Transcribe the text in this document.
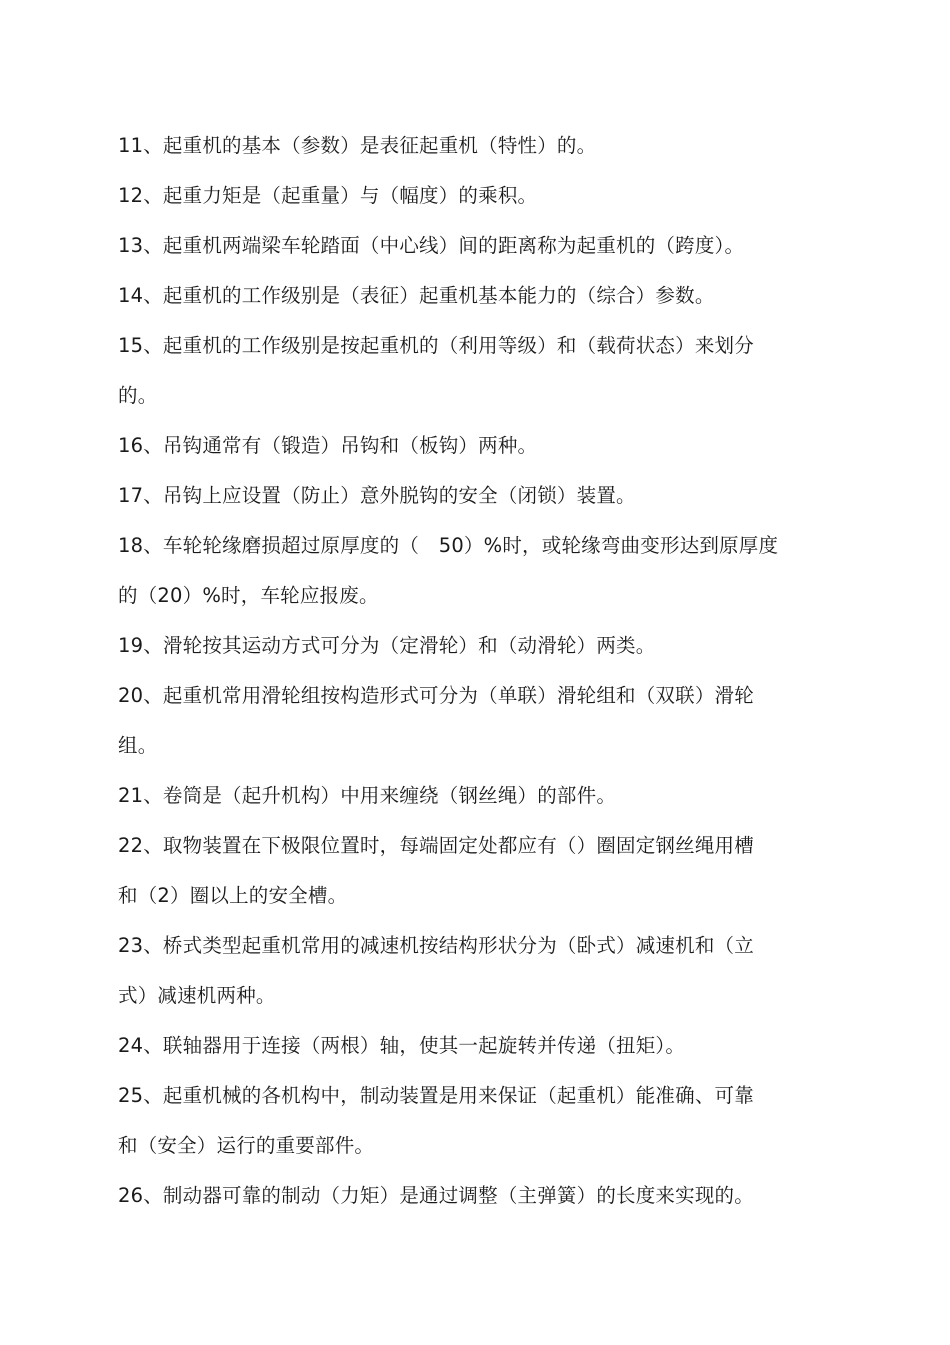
11、起重机的基本（参数）是表征起重机（特性）的。
12、起重力矩是（起重量）与（幅度）的乘积。
13、起重机两端梁车轮踏面（中心线）间的距离称为起重机的（跨度）。
14、起重机的工作级别是（表征）起重机基本能力的（综合）参数。
15、起重机的工作级别是按起重机的（利用等级）和（载荷状态）来划分
的。
16、吊钩通常有（锻造）吊钩和（板钩）两种。
17、吊钩上应设置（防止）意外脱钩的安全（闭锁）装置。
18、车轮轮缘磨损超过原厚度的（　50）%时，或轮缘弯曲变形达到原厚度
的（20）%时，车轮应报废。
19、滑轮按其运动方式可分为（定滑轮）和（动滑轮）两类。
20、起重机常用滑轮组按构造形式可分为（单联）滑轮组和（双联）滑轮
组。
21、卷筒是（起升机构）中用来缠绕（钢丝绳）的部件。
22、取物装置在下极限位置时，每端固定处都应有（）圈固定钢丝绳用槽
和（2）圈以上的安全槽。
23、桥式类型起重机常用的减速机按结构形状分为（卧式）减速机和（立
式）减速机两种。
24、联轴器用于连接（两根）轴，使其一起旋转并传递（扭矩）。
25、起重机械的各机构中，制动装置是用来保证（起重机）能准确、可靠
和（安全）运行的重要部件。
26、制动器可靠的制动（力矩）是通过调整（主弹簧）的长度来实现的。
